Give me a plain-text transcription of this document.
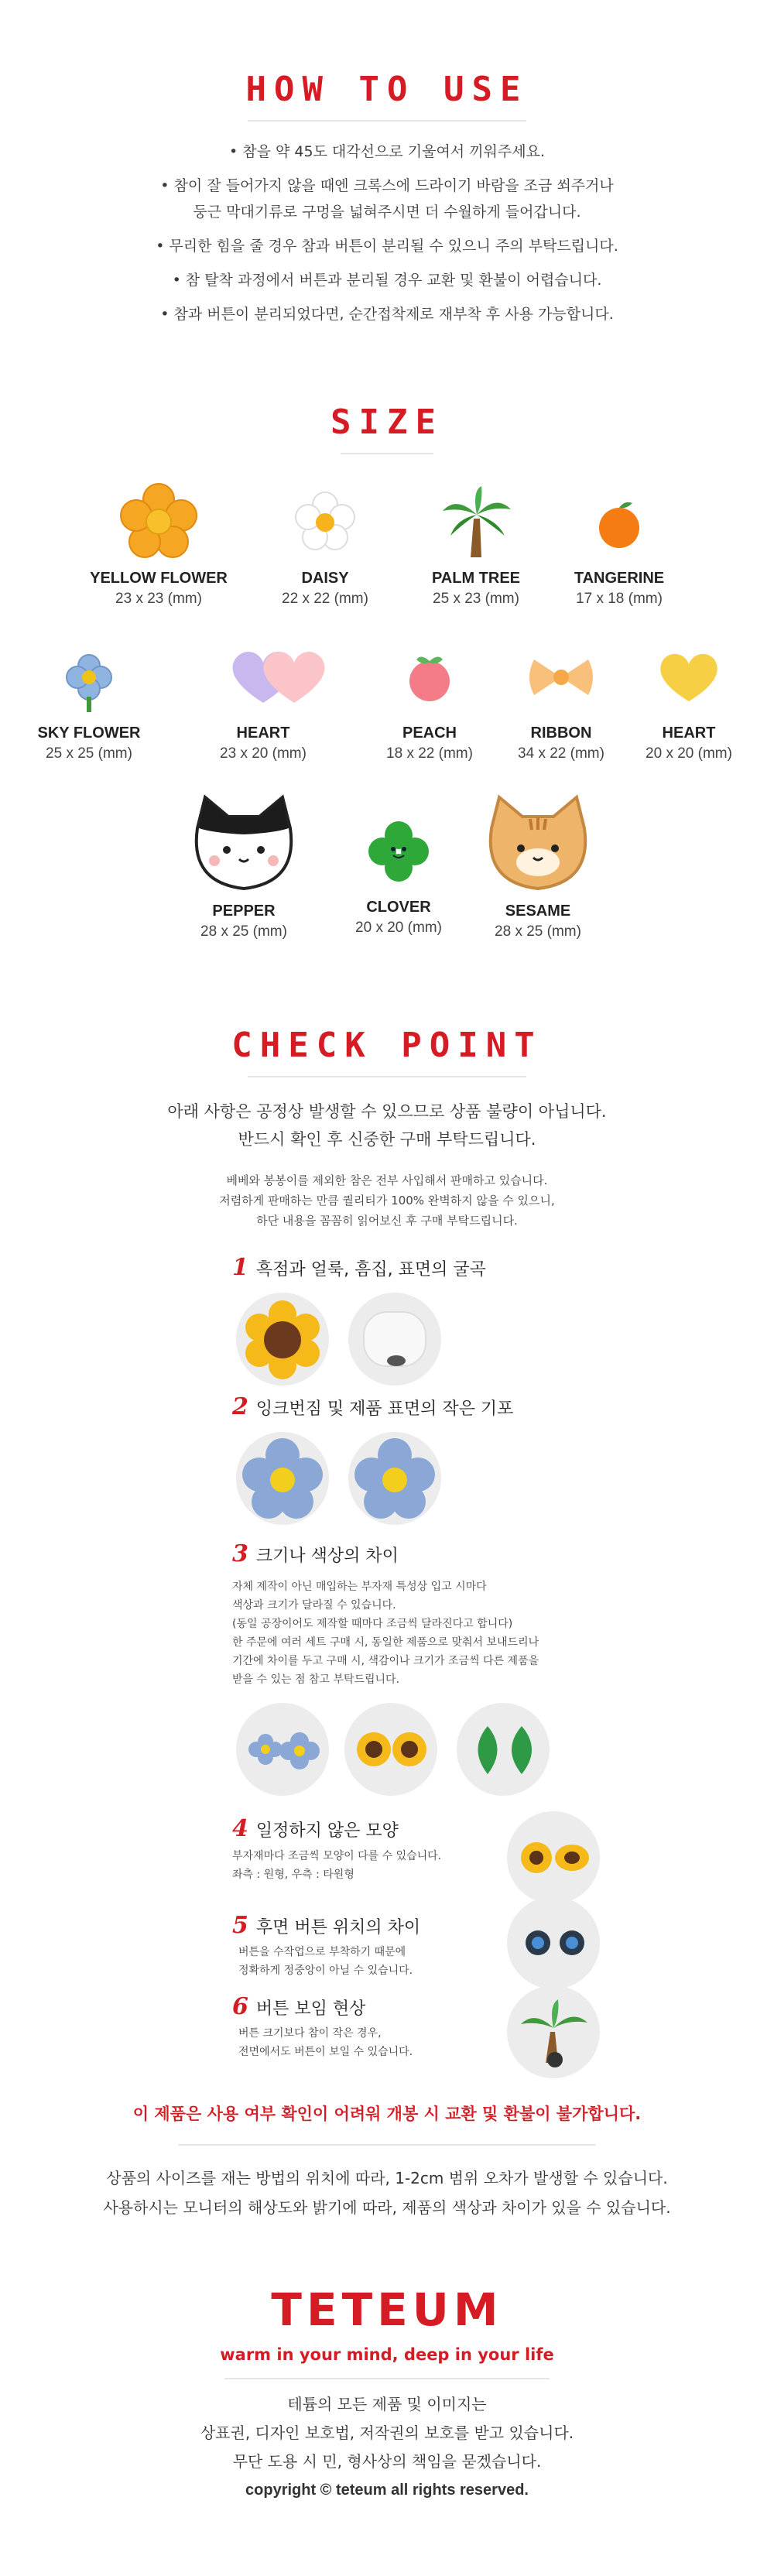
HOW TO USE

• 참을 약 45도 대각선으로 기울여서 끼워주세요.

• 참이 잘 들어가지 않을 때엔 크록스에 드라이기 바람을 조금 쐬주거나

둥근 막대기류로 구멍을 넓혀주시면 더 수월하게 들어갑니다.

• 무리한 힘을 줄 경우 참과 버튼이 분리될 수 있으니 주의 부탁드립니다.

• 참 탈착 과정에서 버튼과 분리될 경우 교환 및 환불이 어렵습니다.

• 참과 버튼이 분리되었다면, 순간접착제로 재부착 후 사용 가능합니다.

SIZE
YELLOW FLOWER
23 x 23 (mm)
DAISY
22 x 22 (mm)
PALM TREE
25 x 23 (mm)
TANGERINE
17 x 18 (mm)
SKY FLOWER
25 x 25 (mm)
HEART
23 x 20 (mm)
PEACH
18 x 22 (mm)
RIBBON
34 x 22 (mm)
HEART
20 x 20 (mm)
PEPPER
28 x 25 (mm)
CLOVER
20 x 20 (mm)
SESAME
28 x 25 (mm)
CHECK POINT
아래 사항은 공정상 발생할 수 있으므로 상품 불량이 아닙니다.
반드시 확인 후 신중한 구매 부탁드립니다.
베베와 봉봉이를 제외한 참은 전부 사입해서 판매하고 있습니다.
저렴하게 판매하는 만큼 퀄리티가 100% 완벽하지 않을 수 있으니,
하단 내용을 꼼꼼히 읽어보신 후 구매 부탁드립니다.
1 흑점과 얼룩, 흠집, 표면의 굴곡
2 잉크번짐 및 제품 표면의 작은 기포
3 크기나 색상의 차이
자체 제작이 아닌 매입하는 부자재 특성상 입고 시마다
색상과 크기가 달라질 수 있습니다.
(동일 공장이어도 제작할 때마다 조금씩 달라진다고 합니다)
한 주문에 여러 세트 구매 시, 동일한 제품으로 맞춰서 보내드리나
기간에 차이를 두고 구매 시, 색감이나 크기가 조금씩 다른 제품을
받을 수 있는 점 참고 부탁드립니다.
4 일정하지 않은 모양
부자재마다 조금씩 모양이 다를 수 있습니다.
좌측 : 원형, 우측 : 타원형
5 후면 버튼 위치의 차이
버튼을 수작업으로 부착하기 때문에
정확하게 정중앙이 아닐 수 있습니다.
6 버튼 보임 현상
버튼 크기보다 참이 작은 경우,
전면에서도 버튼이 보일 수 있습니다.
이 제품은 사용 여부 확인이 어려워 개봉 시 교환 및 환불이 불가합니다.
상품의 사이즈를 재는 방법의 위치에 따라, 1-2cm 범위 오차가 발생할 수 있습니다.
사용하시는 모니터의 해상도와 밝기에 따라, 제품의 색상과 차이가 있을 수 있습니다.
TETEUM
warm in your mind, deep in your life
테튬의 모든 제품 및 이미지는
상표권, 디자인 보호법, 저작권의 보호를 받고 있습니다.
무단 도용 시 민, 형사상의 책임을 묻겠습니다.
copyright © teteum all rights reserved.
